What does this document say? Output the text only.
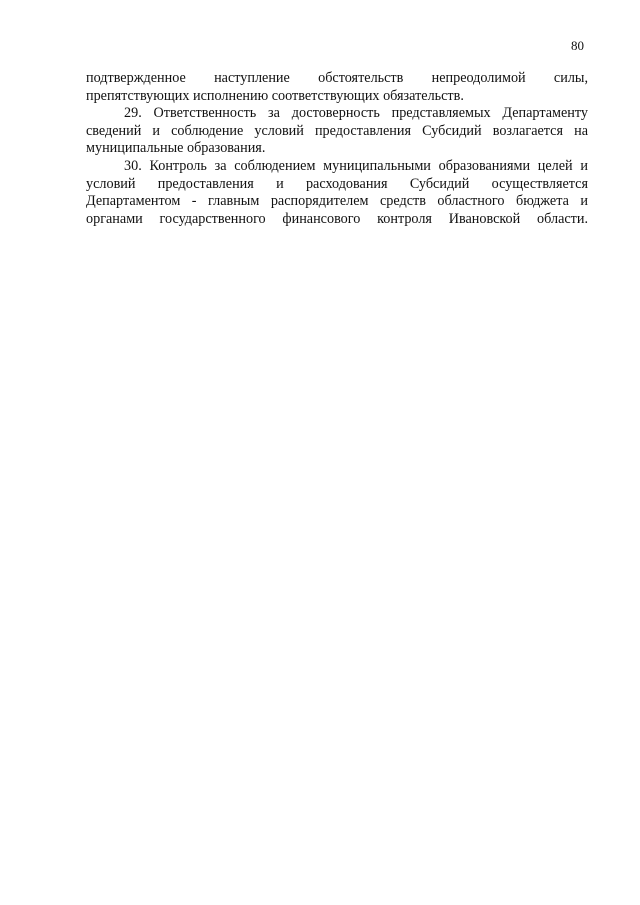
80

подтвержденное наступление обстоятельств непреодолимой силы, препятствующих исполнению соответствующих обязательств.

29. Ответственность за достоверность представляемых Департаменту сведений и соблюдение условий предоставления Субсидий возлагается на муниципальные образования.

30. Контроль за соблюдением муниципальными образованиями целей и условий предоставления и расходования Субсидий осуществляется Департаментом - главным распорядителем средств областного бюджета и органами государственного финансового контроля Ивановской области.
